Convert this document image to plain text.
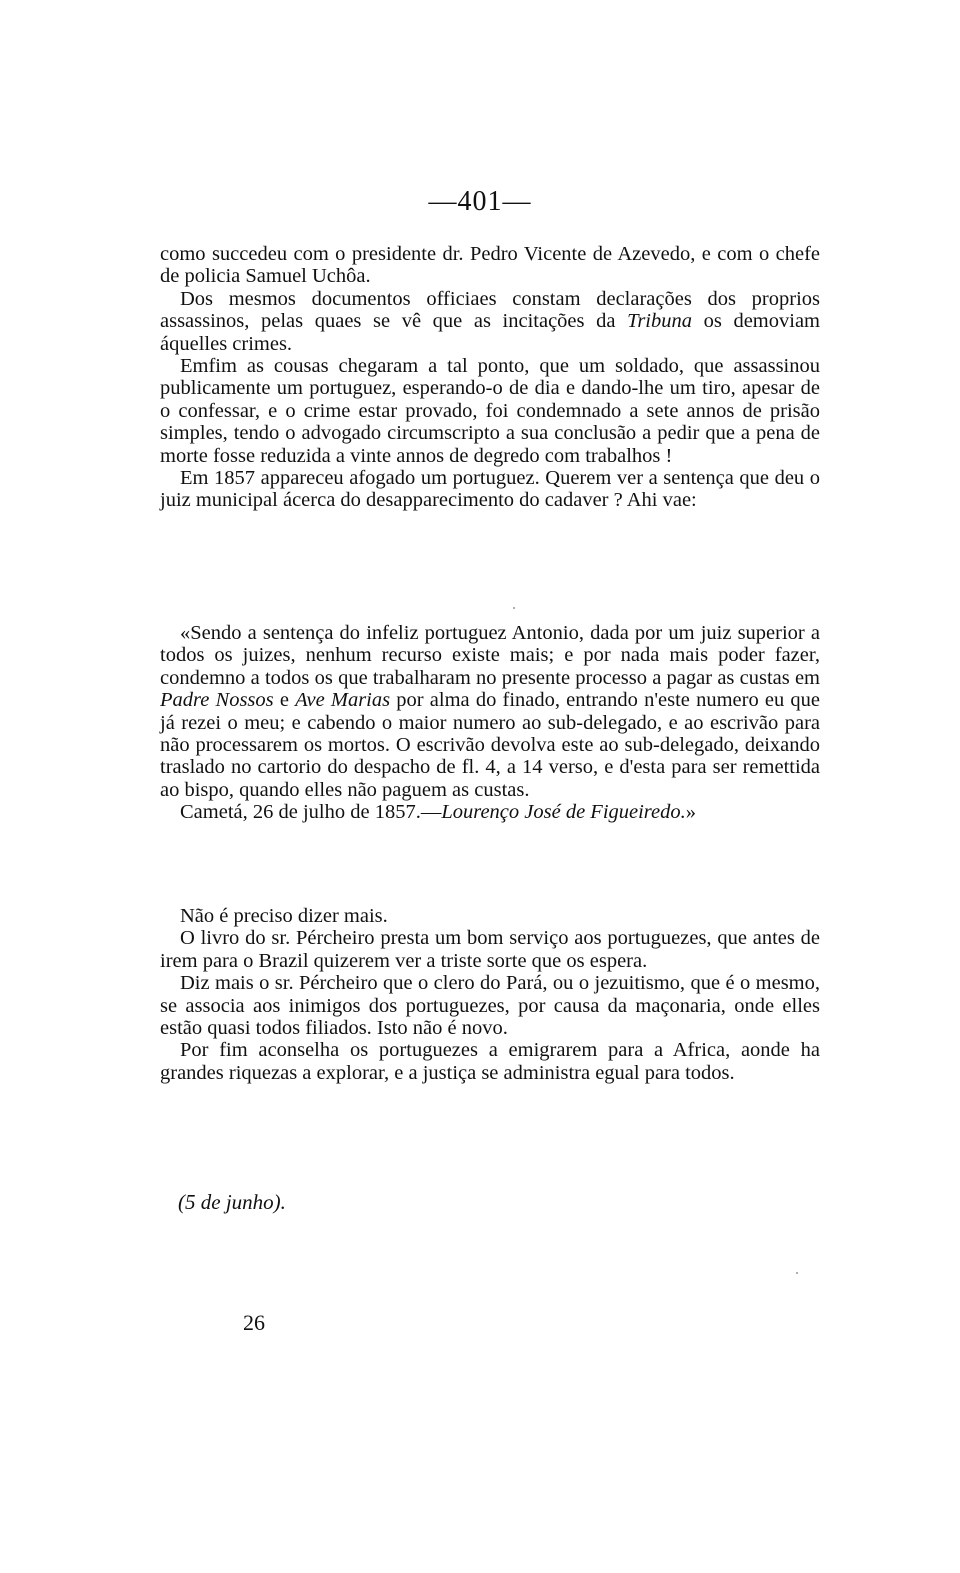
—401—

como succedeu com o presidente dr. Pedro Vicente de Azevedo, e com o chefe de policia Samuel Uchôa.

Dos mesmos documentos officiaes constam declarações dos proprios assassinos, pelas quaes se vê que as incitações da Tribuna os demoviam áquelles crimes.

Emfim as cousas chegaram a tal ponto, que um soldado, que assassinou publicamente um portuguez, esperando-o de dia e dando-lhe um tiro, apesar de o confessar, e o crime estar provado, foi condemnado a sete annos de prisão simples, tendo o advogado circumscripto a sua conclusão a pedir que a pena de morte fosse reduzida a vinte annos de degredo com trabalhos !

Em 1857 appareceu afogado um portuguez. Querem ver a sentença que deu o juiz municipal ácerca do desapparecimento do cadaver ? Ahi vae:

«Sendo a sentença do infeliz portuguez Antonio, dada por um juiz superior a todos os juizes, nenhum recurso existe mais; e por nada mais poder fazer, condemno a todos os que trabalharam no presente processo a pagar as custas em Padre Nossos e Ave Marias por alma do finado, entrando n'este numero eu que já rezei o meu; e cabendo o maior numero ao sub-delegado, e ao escrivão para não processarem os mortos. O escrivão devolva este ao sub-delegado, deixando traslado no cartorio do despacho de fl. 4, a 14 verso, e d'esta para ser remettida ao bispo, quando elles não paguem as custas.

Cametá, 26 de julho de 1857.—Lourenço José de Figueiredo.»

Não é preciso dizer mais.

O livro do sr. Pércheiro presta um bom serviço aos portuguezes, que antes de irem para o Brazil quizerem ver a triste sorte que os espera.

Diz mais o sr. Pércheiro que o clero do Pará, ou o jezuitismo, que é o mesmo, se associa aos inimigos dos portuguezes, por causa da maçonaria, onde elles estão quasi todos filiados. Isto não é novo.

Por fim aconselha os portuguezes a emigrarem para a Africa, aonde ha grandes riquezas a explorar, e a justiça se administra egual para todos.

(5 de junho).
26
